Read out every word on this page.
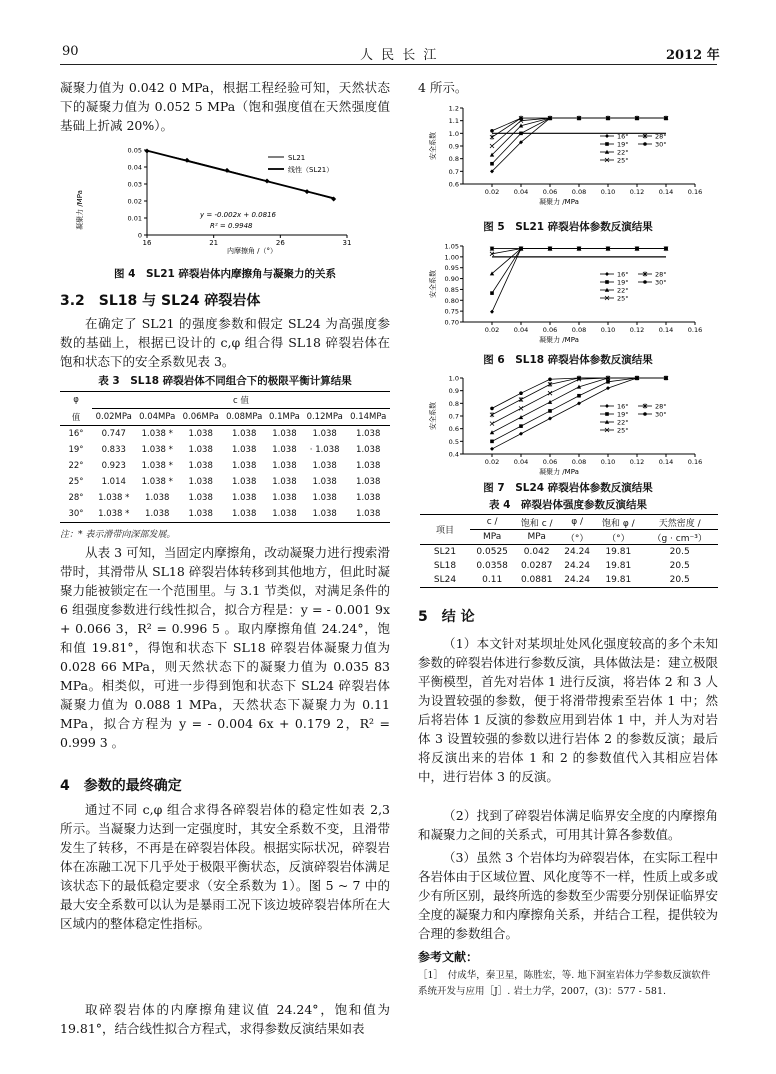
90	人 民 长 江	2012 年
凝聚力值为 0.042 0 MPa，根据工程经验可知，天然状态下的凝聚力值为 0.052 5 MPa（饱和强度值在天然强度值基础上折减 20%）。
凝聚力 /MPa
内摩擦角 /（°）
y = -0.002x + 0.0816
R² = 0.9948
SL21
线性（SL21）
16	21	26	31
0
0.01
0.02
0.03
0.04
0.05
图 4　SL21 碎裂岩体内摩擦角与凝聚力的关系
3.2　SL18 与 SL24 碎裂岩体
在确定了 SL21 的强度参数和假定 SL24 为高强度参数的基础上，根据已设计的 c,φ 组合得 SL18 碎裂岩体在饱和状态下的安全系数见表 3。
表 3　SL18 碎裂岩体不同组合下的极限平衡计算结果
φ	c 值						
值	0.02MPa	0.04MPa	0.06MPa	0.08MPa	0.1MPa	0.12MPa	0.14MPa
16°	0.747	1.038 *	1.038	1.038	1.038	1.038	1.038
19°	0.833	1.038 *	1.038	1.038	1.038	· 1.038	1.038
22°	0.923	1.038 *	1.038	1.038	1.038	1.038	1.038
25°	1.014	1.038 *	1.038	1.038	1.038	1.038	1.038
28°	1.038 *	1.038	1.038	1.038	1.038	1.038	1.038
30°	1.038 *	1.038	1.038	1.038	1.038	1.038	1.038
注：* 表示滑带向深部发展。
从表 3 可知，当固定内摩擦角，改动凝聚力进行搜索滑带时，其滑带从 SL18 碎裂岩体转移到其他地方，但此时凝聚力能被锁定在一个范围里。与 3.1 节类似，对满足条件的 6 组强度参数进行线性拟合，拟合方程是：y = - 0.001 9x + 0.066 3，R² = 0.996 5 。取内摩擦角值 24.24°，饱和值 19.81°，得饱和状态下 SL18 碎裂岩体凝聚力值为 0.028 66 MPa，则天然状态下的凝聚力值为 0.035 83 MPa。相类似，可进一步得到饱和状态下 SL24 碎裂岩体凝聚力值为 0.088 1 MPa，天然状态下凝聚力为 0.11 MPa，拟合方程为 y = - 0.004 6x + 0.179 2，R² = 0.999 3 。
4　参数的最终确定
通过不同 c,φ 组合求得各碎裂岩体的稳定性如表 2,3 所示。当凝聚力达到一定强度时，其安全系数不变，且滑带发生了转移，不再是在碎裂岩体段。根据实际状况，碎裂岩体在冻融工况下几乎处于极限平衡状态，反演碎裂岩体满足该状态下的最低稳定要求（安全系数为 1）。图 5 ~ 7 中的最大安全系数可以认为是暴雨工况下该边坡碎裂岩体所在大区域内的整体稳定性指标。
取碎裂岩体的内摩擦角建议值 24.24°，饱和值为 19.81°，结合线性拟合方程式，求得参数反演结果如表
4 所示。
0.6
0.7
0.8
0.9
1.0
1.1
1.2
0.02 0.04 0.06 0.08 0.10 0.12 0.14 0.16
安全系数
凝聚力 /MPa
16°
19°
22°
25°
28°
30°
图 5　SL21 碎裂岩体参数反演结果
0.70
0.75
0.80
0.85
0.90
0.95
1.00
1.05
0.02 0.04 0.06 0.08 0.10 0.12 0.14 0.16
安全系数
凝聚力 /MPa
16°
19°
22°
25°
28°
30°
图 6　SL18 碎裂岩体参数反演结果
0.4
0.5
0.6
0.7
0.8
0.9
1.0
0.02 0.04 0.06 0.08 0.10 0.12 0.14 0.16
安全系数
凝聚力 /MPa
16°
19°
22°
25°
28°
30°
图 7　SL24 碎裂岩体参数反演结果
表 4　碎裂岩体强度参数反演结果
项目	c /	饱和 c /	φ /	饱和 φ /	天然密度 /
	MPa	MPa	（°）	（°）	（g · cm⁻³）
SL21	0.0525	0.042	24.24	19.81	20.5
SL18	0.0358	0.0287	24.24	19.81	20.5
SL24	0.11	0.0881	24.24	19.81	20.5
5　结 论
（1）本文针对某坝址处风化强度较高的多个未知参数的碎裂岩体进行参数反演，具体做法是：建立极限平衡模型，首先对岩体 1 进行反演，将岩体 2 和 3 人为设置较强的参数，便于将滑带搜索至岩体 1 中；然后将岩体 1 反演的参数应用到岩体 1 中，并人为对岩体 3 设置较强的参数以进行岩体 2 的参数反演；最后将反演出来的岩体 1 和 2 的参数值代入其相应岩体中，进行岩体 3 的反演。
（2）找到了碎裂岩体满足临界安全度的内摩擦角和凝聚力之间的关系式，可用其计算各参数值。
（3）虽然 3 个岩体均为碎裂岩体，在实际工程中各岩体由于区域位置、风化度等不一样，性质上或多或少有所区别，最终所选的参数至少需要分别保证临界安全度的凝聚力和内摩擦角关系，并结合工程，提供较为合理的参数组合。
参考文献：
［1］　付成华，秦卫星，陈胜宏，等. 地下洞室岩体力学参数反演软件系统开发与应用［J］. 岩土力学，2007，(3)：577 - 581.
